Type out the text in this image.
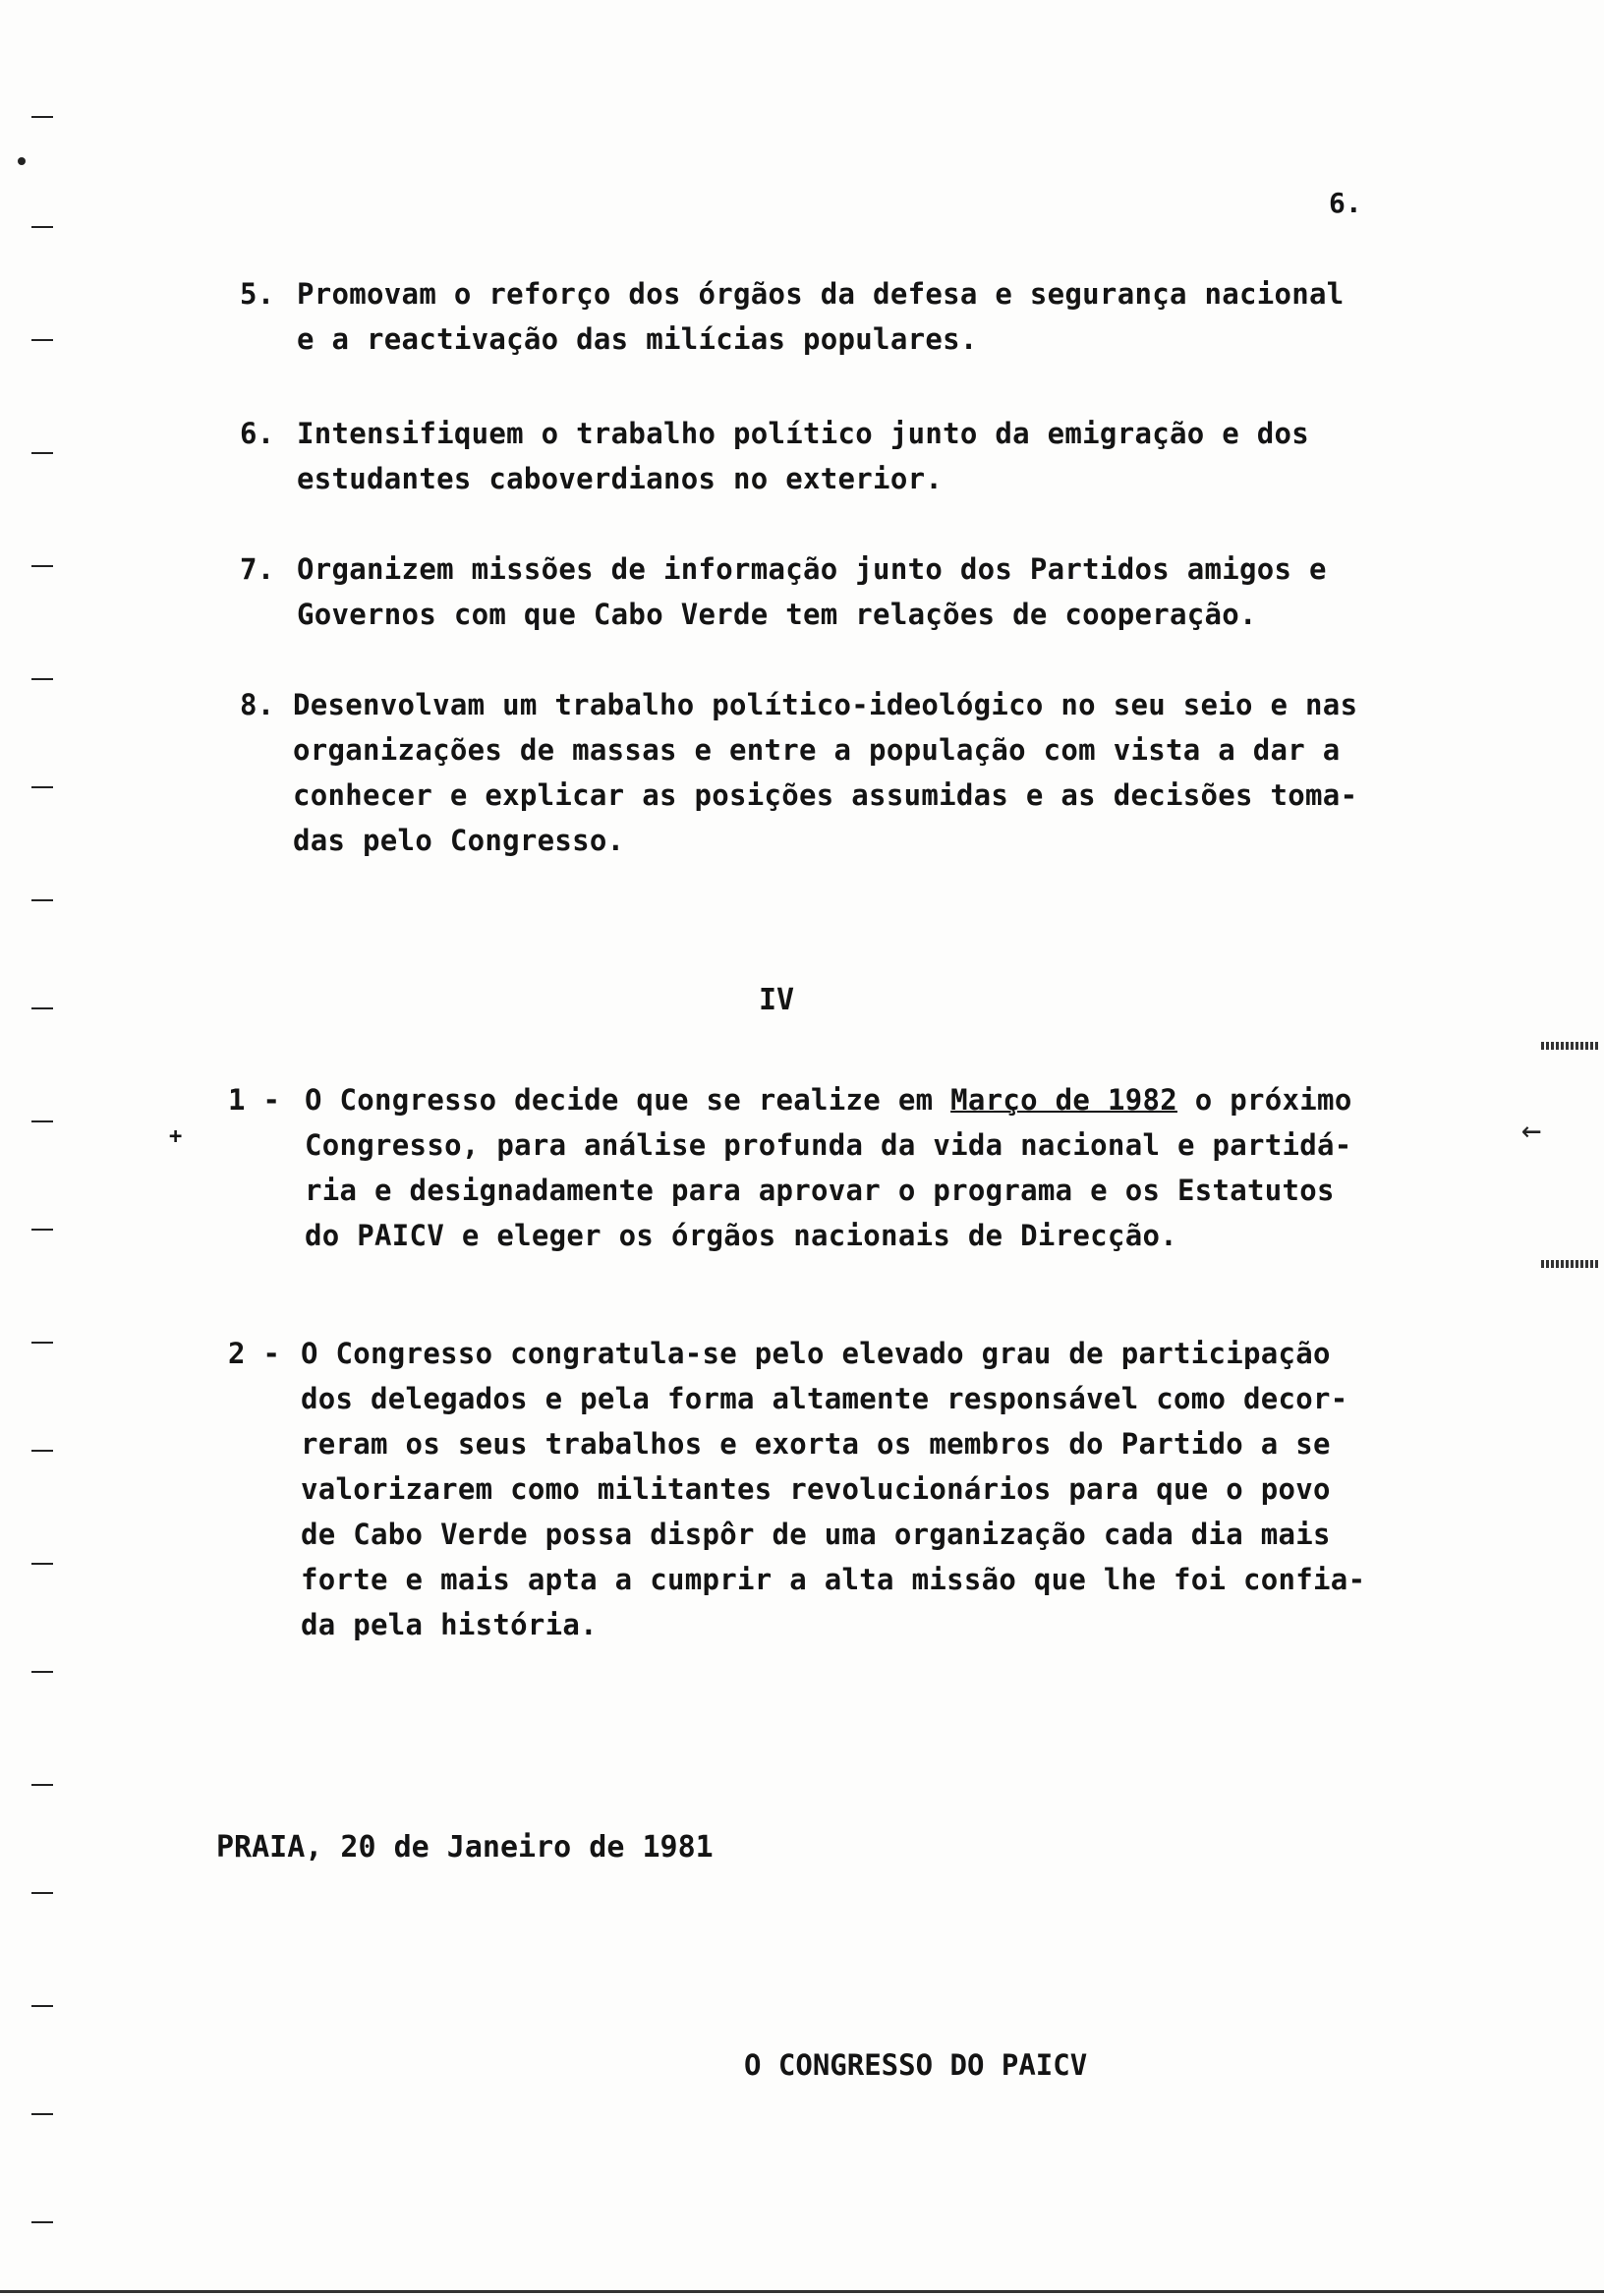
6.
5. Promovam o reforço dos órgãos da defesa e segurança nacional
e a reactivação das milícias populares.
6. Intensifiquem o trabalho político junto da emigração e dos
estudantes caboverdianos no exterior.
7. Organizem missões de informação junto dos Partidos amigos e
Governos com que Cabo Verde tem relações de cooperação.
8. Desenvolvam um trabalho político-ideológico no seu seio e nas
organizações de massas e entre a população com vista a dar a
conhecer e explicar as posições assumidas e as decisões toma-
das pelo Congresso.
IV
+
1 - O Congresso decide que se realize em Março de 1982 o próximo
Congresso, para análise profunda da vida nacional e partidá-
ria e designadamente para aprovar o programa e os Estatutos
do PAICV e eleger os órgãos nacionais de Direcção.
←
2 - O Congresso congratula-se pelo elevado grau de participação
dos delegados e pela forma altamente responsável como decor-
reram os seus trabalhos e exorta os membros do Partido a se
valorizarem como militantes revolucionários para que o povo
de Cabo Verde possa dispôr de uma organização cada dia mais
forte e mais apta a cumprir a alta missão que lhe foi confia-
da pela história.
PRAIA, 20 de Janeiro de 1981
O CONGRESSO DO PAICV
